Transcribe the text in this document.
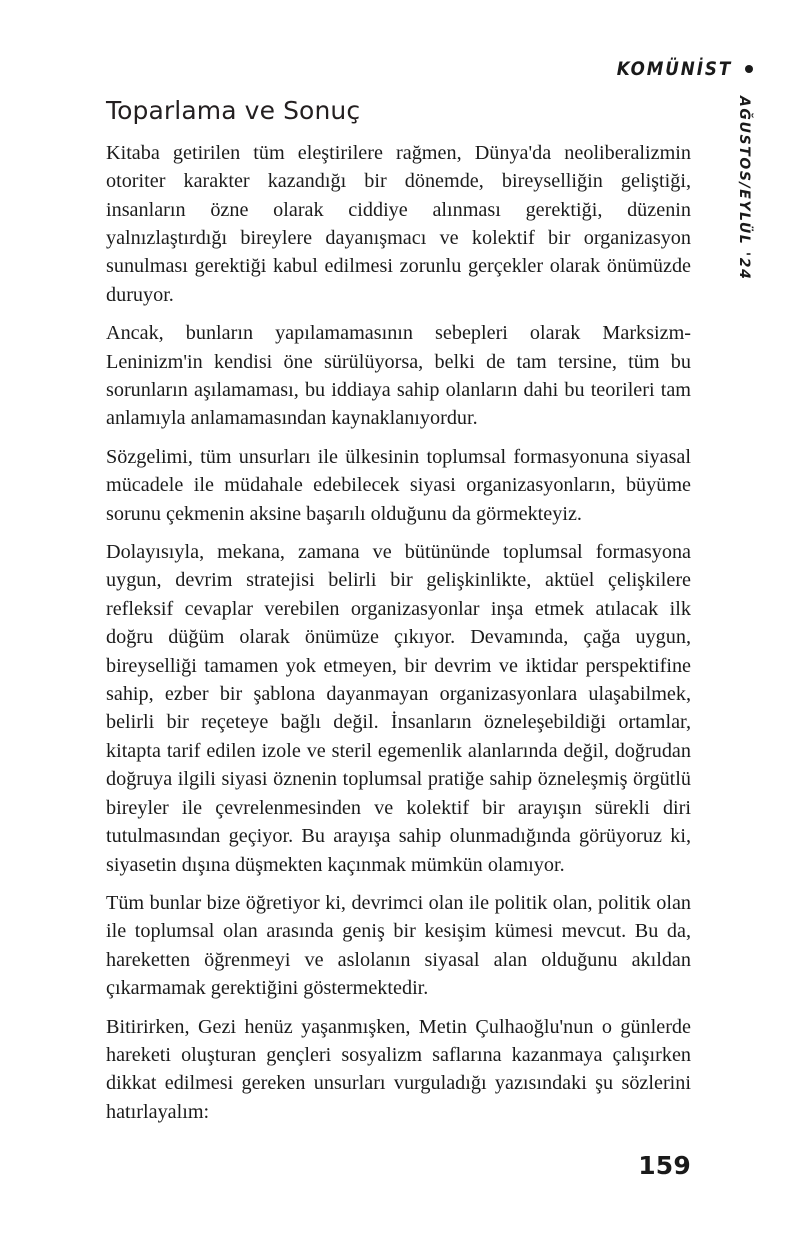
KOMÜNİST
AĞUSTOS/EYLÜL '24
Toparlama ve Sonuç

Kitaba getirilen tüm eleştirilere rağmen, Dünya'da neoliberalizmin otoriter karakter kazandığı bir dönemde, bireyselliğin geliştiği, insanların özne olarak ciddiye alınması gerektiği, düzenin yalnızlaştırdığı bireylere dayanışmacı ve kolektif bir organizasyon sunulması gerektiği kabul edilmesi zorunlu gerçekler olarak önümüzde duruyor.

Ancak, bunların yapılamamasının sebepleri olarak Marksizm-Leninizm'in kendisi öne sürülüyorsa, belki de tam tersine, tüm bu sorunların aşılamaması, bu iddiaya sahip olanların dahi bu teorileri tam anlamıyla anlamamasından kaynaklanıyordur.

Sözgelimi, tüm unsurları ile ülkesinin toplumsal formasyonuna siyasal mücadele ile müdahale edebilecek siyasi organizasyonların, büyüme sorunu çekmenin aksine başarılı olduğunu da görmekteyiz.

Dolayısıyla, mekana, zamana ve bütününde toplumsal formasyona uygun, devrim stratejisi belirli bir gelişkinlikte, aktüel çelişkilere refleksif cevaplar verebilen organizasyonlar inşa etmek atılacak ilk doğru düğüm olarak önümüze çıkıyor. Devamında, çağa uygun, bireyselliği tamamen yok etmeyen, bir devrim ve iktidar perspektifine sahip, ezber bir şablona dayanmayan organizasyonlara ulaşabilmek, belirli bir reçeteye bağlı değil. İnsanların özneleşebildiği ortamlar, kitapta tarif edilen izole ve steril egemenlik alanlarında değil, doğrudan doğruya ilgili siyasi öznenin toplumsal pratiğe sahip özneleşmiş örgütlü bireyler ile çevrelenmesinden ve kolektif bir arayışın sürekli diri tutulmasından geçiyor. Bu arayışa sahip olunmadığında görüyoruz ki, siyasetin dışına düşmekten kaçınmak mümkün olamıyor.

Tüm bunlar bize öğretiyor ki, devrimci olan ile politik olan, politik olan ile toplumsal olan arasında geniş bir kesişim kümesi mevcut. Bu da, hareketten öğrenmeyi ve aslolanın siyasal alan olduğunu akıldan çıkarmamak gerektiğini göstermektedir.

Bitirirken, Gezi henüz yaşanmışken, Metin Çulhaoğlu'nun o günlerde hareketi oluşturan gençleri sosyalizm saflarına kazanmaya çalışırken dikkat edilmesi gereken unsurları vurguladığı yazısındaki şu sözlerini hatırlayalım:

159
